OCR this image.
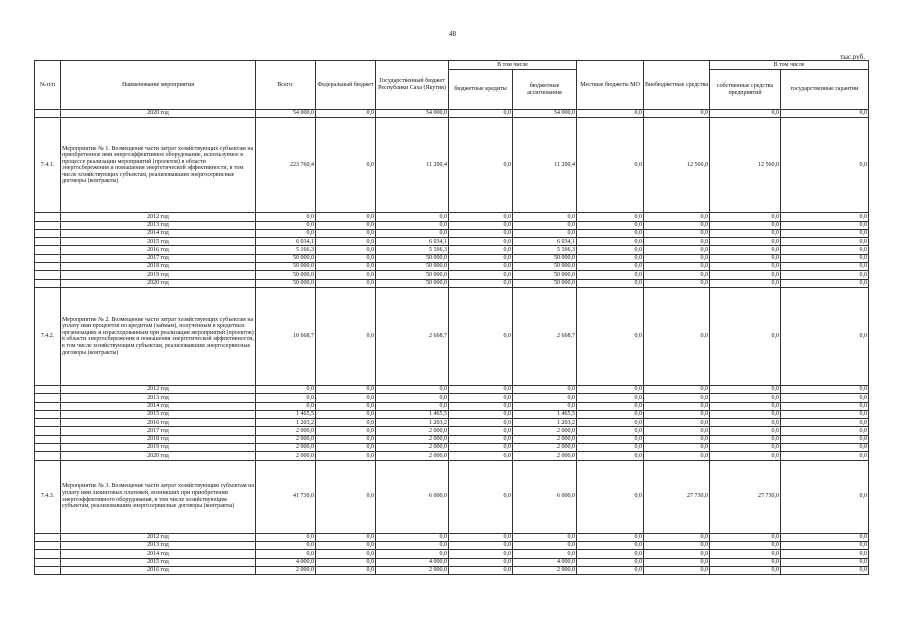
48
тыс.руб.
№ п/п	Наименование мероприятия	Всего:	Федеральный бюджет	Государственный бюджет Республики Саха (Якутия)	В том числе		Местные бюджеты МО	Внебюджетные средства	В том числе	
					бюджетные кредиты	бюджетные ассигнования			собственные средства предприятий	государственные гарантии
	2020 год	54 000,0	0,0	54 000,0	0,0	54 000,0	0,0	0,0	0,0	0,0
7.4.1.	Мероприятие № 1. Возмещение части затрат хозяйствующих субъектам на приобретенное ими энергоэффективное оборудование, используемое в процессе реализации мероприятий (проектов) в области энергосбережения и повышения энергетической эффективности, в том числе хозяйствующих субъектам, реализовавшим энергосервисные договоры (контракты)	223 760,4	0,0	11 200,4	0,0	11 200,4	0,0	12 560,0	12 560,0	0,0
	2012 год	0,0	0,0	0,0	0,0	0,0	0,0	0,0	0,0	0,0
	2013 год	0,0	0,0	0,0	0,0	0,0	0,0	0,0	0,0	0,0
	2014 год	0,0	0,0	0,0	0,0	0,0	0,0	0,0	0,0	0,0
	2015 год	6 034,1	0,0	6 034,1	0,0	6 034,1	0,0	0,0	0,0	0,0
	2016 год	5 166,3	0,0	5 166,3	0,0	5 166,3	0,0	0,0	0,0	0,0
	2017 год	50 000,0	0,0	50 000,0	0,0	50 000,0	0,0	0,0	0,0	0,0
	2018 год	50 000,0	0,0	50 000,0	0,0	50 000,0	0,0	0,0	0,0	0,0
	2019 год	50 000,0	0,0	50 000,0	0,0	50 000,0	0,0	0,0	0,0	0,0
	2020 год	50 000,0	0,0	50 000,0	0,0	50 000,0	0,0	0,0	0,0	0,0
7.4.2.	Мероприятие № 2. Возмещение части затрат хозяйствующих субъектам на уплату ими процентов по кредитам (займам), полученным в кредитных организациях и израсходованным при реализации мероприятий (проектов) в области энергосбережения и повышения энергетической эффективности, в том числе хозяйствующим субъектам, реализовавшим энергосервисные договоры (контракты)	10 668,7	0,0	2 668,7	0,0	2 668,7	0,0	0,0	0,0	0,0
	2012 год	0,0	0,0	0,0	0,0	0,0	0,0	0,0	0,0	0,0
	2013 год	0,0	0,0	0,0	0,0	0,0	0,0	0,0	0,0	0,0
	2014 год	0,0	0,0	0,0	0,0	0,0	0,0	0,0	0,0	0,0
	2015 год	1 465,5	0,0	1 465,5	0,0	1 465,5	0,0	0,0	0,0	0,0
	2016 год	1 203,2	0,0	1 203,2	0,0	1 203,2	0,0	0,0	0,0	0,0
	2017 год	2 000,0	0,0	2 000,0	0,0	2 000,0	0,0	0,0	0,0	0,0
	2018 год	2 000,0	0,0	2 000,0	0,0	2 000,0	0,0	0,0	0,0	0,0
	2019 год	2 000,0	0,0	2 000,0	0,0	2 000,0	0,0	0,0	0,0	0,0
	2020 год	2 000,0	0,0	2 000,0	0,0	2 000,0	0,0	0,0	0,0	0,0
7.4.3.	Мероприятие № 3. Возмещение части затрат хозяйствующим субъектам на уплату ими лизинговых платежей, возникших при приобретении энергоэффективного оборудования, в том числе хозяйствующим субъектам, реализовавшим энергосервисные договоры (контракты)	41 730,0	0,0	6 000,0	0,0	6 000,0	0,0	27 730,0	27 730,0	0,0
	2012 год	0,0	0,0	0,0	0,0	0,0	0,0	0,0	0,0	0,0
	2013 год	0,0	0,0	0,0	0,0	0,0	0,0	0,0	0,0	0,0
	2014 год	0,0	0,0	0,0	0,0	0,0	0,0	0,0	0,0	0,0
	2015 год	4 000,0	0,0	4 000,0	0,0	4 000,0	0,0	0,0	0,0	0,0
	2016 год	2 000,0	0,0	2 000,0	0,0	2 000,0	0,0	0,0	0,0	0,0
